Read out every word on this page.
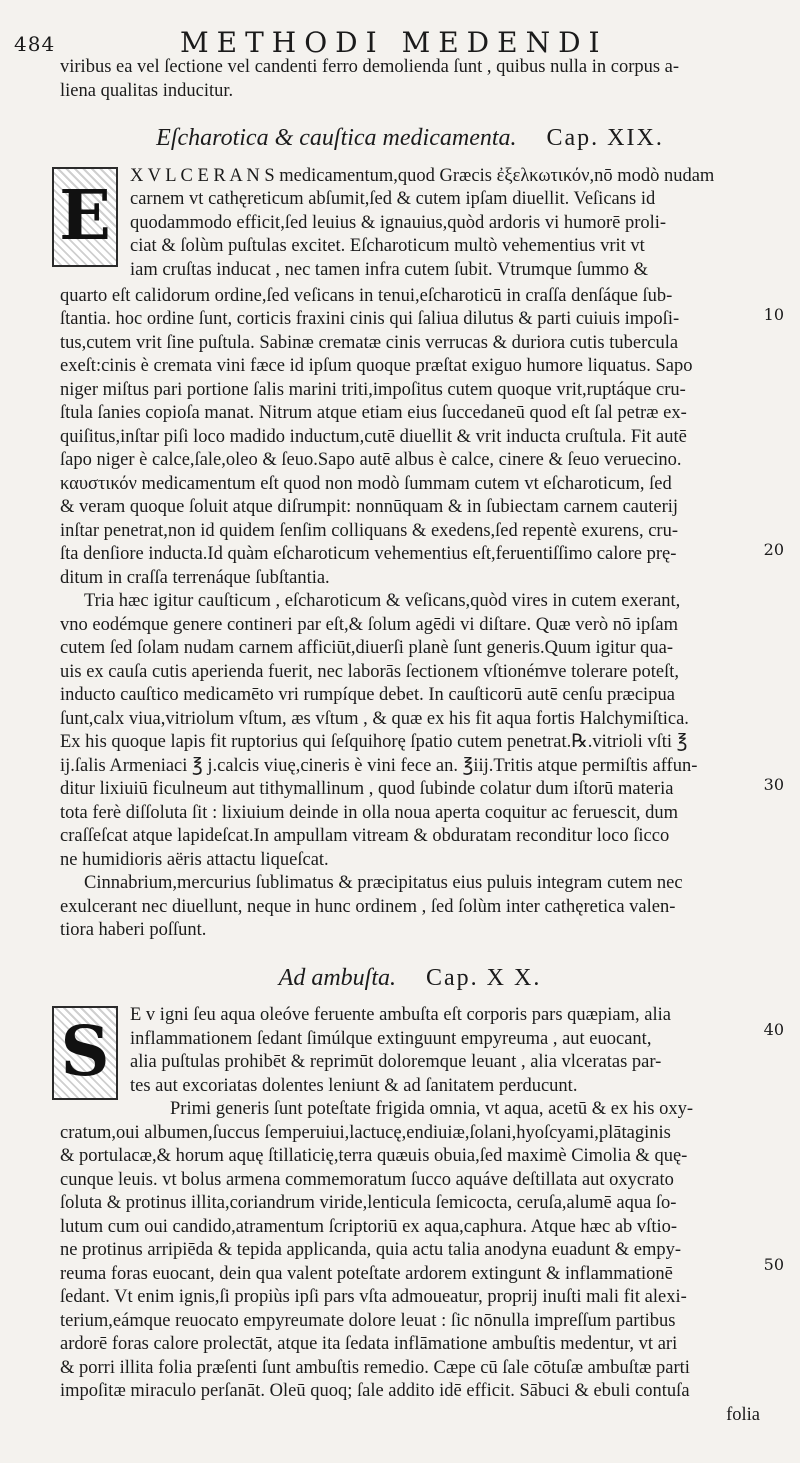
484	METHODI MEDENDI
10
20
30
40
50
viribus ea vel ſectione vel candenti ferro demolienda ſunt , quibus nulla in corpus a-
liena qualitas inducitur.
Eſcharotica & cauſtica medicamenta. Cap. XIX.
E
X V L C E R A N S medicamentum,quod Græcis ἐξελκωτικόν,nō modò nudam
carnem vt cathęreticum abſumit,ſed & cutem ipſam diuellit. Veſicans id
quodammodo efficit,ſed leuius & ignauius,quòd ardoris vi humorē proli-
ciat & ſolùm puſtulas excitet. Eſcharoticum multò vehementius vrit vt
iam cruſtas inducat , nec tamen infra cutem ſubit. Vtrumque ſummo &
quarto eſt calidorum ordine,ſed veſicans in tenui,eſcharoticū in craſſa denſáque ſub-
ſtantia. hoc ordine ſunt, corticis fraxini cinis qui ſaliua dilutus & parti cuiuis impoſi-
tus,cutem vrit ſine puſtula. Sabinæ crematæ cinis verrucas & duriora cutis tubercula
exeſt:cinis è cremata vini fæce id ipſum quoque præſtat exiguo humore liquatus. Sapo
niger miſtus pari portione ſalis marini triti,impoſitus cutem quoque vrit,ruptáque cru-
ſtula ſanies copioſa manat. Nitrum atque etiam eius ſuccedaneū quod eſt ſal petræ ex-
quiſitus,inſtar piſi loco madido inductum,cutē diuellit & vrit inducta cruſtula. Fit autē
ſapo niger è calce,ſale,oleo & ſeuo.Sapo autē albus è calce, cinere & ſeuo veruecino.
καυστικόν medicamentum eſt quod non modò ſummam cutem vt eſcharoticum, ſed
& veram quoque ſoluit atque diſrumpit: nonnūquam & in ſubiectam carnem cauterij
inſtar penetrat,non id quidem ſenſim colliquans & exedens,ſed repentè exurens, cru-
ſta denſiore inducta.Id quàm eſcharoticum vehementius eſt,feruentiſſimo calore prę-
ditum in craſſa terrenáque ſubſtantia.
Tria hæc igitur cauſticum , eſcharoticum & veſicans,quòd vires in cutem exerant,
vno eodémque genere contineri par eſt,& ſolum agēdi vi diſtare. Quæ verò nō ipſam
cutem ſed ſolam nudam carnem afficiūt,diuerſi planè ſunt generis.Quum igitur qua-
uis ex cauſa cutis aperienda fuerit, nec laborās ſectionem vſtionémve tolerare poteſt,
inducto cauſtico medicamēto vri rumpíque debet. In cauſticorū autē cenſu præcipua
ſunt,calx viua,vitriolum vſtum, æs vſtum , & quæ ex his fit aqua fortis Halchymiſtica.
Ex his quoque lapis fit ruptorius qui ſeſquihorę ſpatio cutem penetrat.℞.vitrioli vſti ℥
ij.ſalis Armeniaci ℥ j.calcis viuę,cineris è vini fece an. ℥iij.Tritis atque permiſtis affun-
ditur lixiuiū ficulneum aut tithymallinum , quod ſubinde colatur dum iſtorū materia
tota ferè diſſoluta ſit : lixiuium deinde in olla noua aperta coquitur ac feruescit, dum
craſſeſcat atque lapideſcat.In ampullam vitream & obduratam reconditur loco ſicco
ne humidioris aëris attactu liqueſcat.
Cinnabrium,mercurius ſublimatus & præcipitatus eius puluis integram cutem nec
exulcerant nec diuellunt, neque in hunc ordinem , ſed ſolùm inter cathęretica valen-
tiora haberi poſſunt.
Ad ambuſta. Cap. X X.
S	E v igni ſeu aqua oleóve feruente ambuſta eſt corporis pars quæpiam, alia
inflammationem ſedant ſimúlque extinguunt empyreuma , aut euocant,
alia puſtulas prohibēt & reprimūt doloremque leuant , alia vlceratas par-
tes aut excoriatas dolentes leniunt & ad ſanitatem perducunt.
Primi generis ſunt poteſtate frigida omnia, vt aqua, acetū & ex his oxy-
cratum,oui albumen,ſuccus ſemperuiui,lactucę,endiuiæ,ſolani,hyoſcyami,plātaginis
& portulacæ,& horum aquę ſtillaticię,terra quæuis obuia,ſed maximè Cimolia & quę-
cunque leuis. vt bolus armena commemoratum ſucco aquáve deſtillata aut oxycrato
ſoluta & protinus illita,coriandrum viride,lenticula ſemicocta, ceruſa,alumē aqua ſo-
lutum cum oui candido,atramentum ſcriptoriū ex aqua,caphura. Atque hæc ab vſtio-
ne protinus arripiēda & tepida applicanda, quia actu talia anodyna euadunt & empy-
reuma foras euocant, dein qua valent poteſtate ardorem extingunt & inflammationē
ſedant. Vt enim ignis,ſi propiùs ipſi pars vſta admoueatur, proprij inuſti mali fit alexi-
terium,eámque reuocato empyreumate dolore leuat : ſic nōnulla impreſſum partibus
ardorē foras calore prolectāt, atque ita ſedata inflāmatione ambuſtis medentur, vt ari
& porri illita folia præſenti ſunt ambuſtis remedio. Cæpe cū ſale cōtuſæ ambuſtæ parti
impoſitæ miraculo perſanāt. Oleū quoq; ſale addito idē efficit. Sābuci & ebuli contuſa
folia
